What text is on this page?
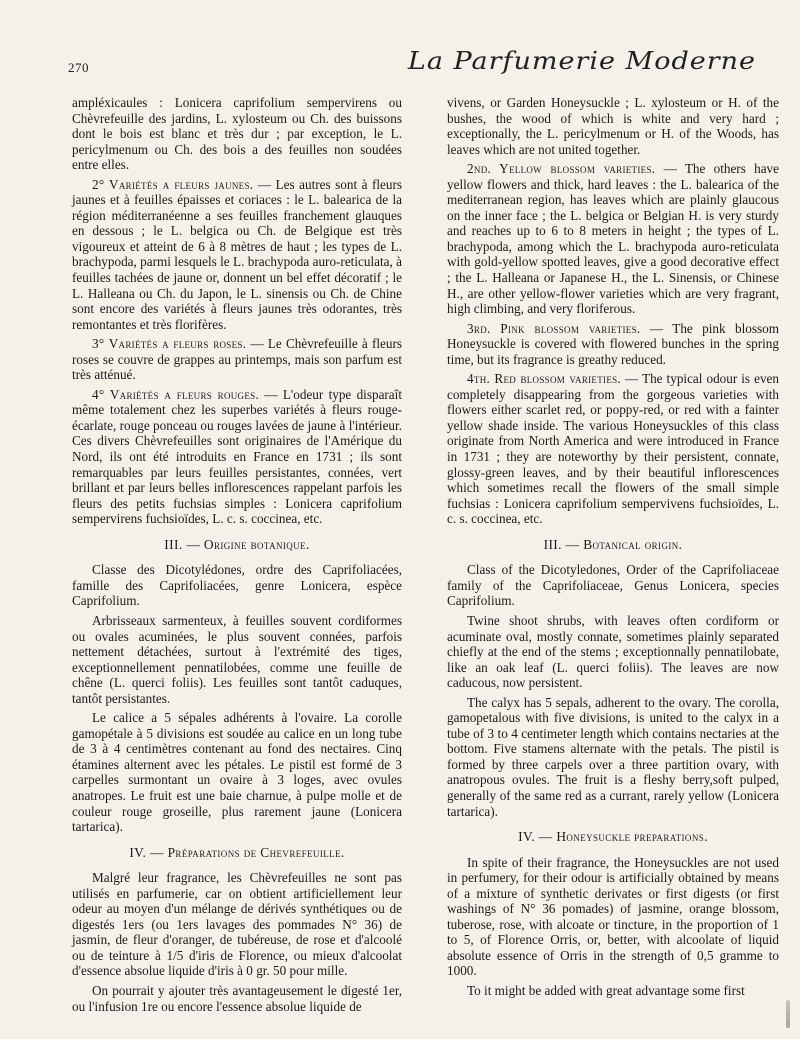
270	La Parfumerie Moderne

ampléxicaules : Lonicera caprifolium sempervirens ou Chèvrefeuille des jardins, L. xylosteum ou Ch. des buissons dont le bois est blanc et très dur ; par exception, le L. pericylmenum ou Ch. des bois a des feuilles non soudées entre elles.

2° Variétés a fleurs jaunes. — Les autres sont à fleurs jaunes et à feuilles épaisses et coriaces : le L. balearica de la région méditerranéenne a ses feuilles franchement glauques en dessous ; le L. belgica ou Ch. de Belgique est très vigoureux et atteint de 6 à 8 mètres de haut ; les types de L. brachypoda, parmi lesquels le L. brachypoda auro-reticulata, à feuilles tachées de jaune or, donnent un bel effet décoratif ; le L. Halleana ou Ch. du Japon, le L. sinensis ou Ch. de Chine sont encore des variétés à fleurs jaunes très odorantes, très remontantes et très florifères.

3° Variétés a fleurs roses. — Le Chèvrefeuille à fleurs roses se couvre de grappes au printemps, mais son parfum est très atténué.

4° Variétés a fleurs rouges. — L'odeur type disparaît même totalement chez les superbes variétés à fleurs rouge-écarlate, rouge ponceau ou rouges lavées de jaune à l'intérieur. Ces divers Chèvrefeuilles sont originaires de l'Amérique du Nord, ils ont été introduits en France en 1731 ; ils sont remarquables par leurs feuilles persistantes, connées, vert brillant et par leurs belles inflorescences rappelant parfois les fleurs des petits fuchsias simples : Lonicera caprifolium sempervirens fuchsioïdes, L. c. s. coccinea, etc.

III. — Origine botanique.

Classe des Dicotylédones, ordre des Caprifoliacées, famille des Caprifoliacées, genre Lonicera, espèce Caprifolium.

Arbrisseaux sarmenteux, à feuilles souvent cordiformes ou ovales acuminées, le plus souvent connées, parfois nettement détachées, surtout à l'extrémité des tiges, exceptionnellement pennatilobées, comme une feuille de chêne (L. querci foliis). Les feuilles sont tantôt caduques, tantôt persistantes.

Le calice a 5 sépales adhérents à l'ovaire. La corolle gamopétale à 5 divisions est soudée au calice en un long tube de 3 à 4 centimètres contenant au fond des nectaires. Cinq étamines alternent avec les pétales. Le pistil est formé de 3 carpelles surmontant un ovaire à 3 loges, avec ovules anatropes. Le fruit est une baie charnue, à pulpe molle et de couleur rouge groseille, plus rarement jaune (Lonicera tartarica).

IV. — Préparations de Chevrefeuille.

Malgré leur fragrance, les Chèvrefeuilles ne sont pas utilisés en parfumerie, car on obtient artificiellement leur odeur au moyen d'un mélange de dérivés synthétiques ou de digestés 1ers (ou 1ers lavages des pommades N° 36) de jasmin, de fleur d'oranger, de tubéreuse, de rose et d'alcoolé ou de teinture à 1/5 d'iris de Florence, ou mieux d'alcoolat d'essence absolue liquide d'iris à 0 gr. 50 pour mille.

On pourrait y ajouter très avantageusement le digesté 1er, ou l'infusion 1re ou encore l'essence absolue liquide de

vivens, or Garden Honeysuckle ; L. xylosteum or H. of the bushes, the wood of which is white and very hard ; exceptionally, the L. pericylmenum or H. of the Woods, has leaves which are not united together.

2nd. Yellow blossom varieties. — The others have yellow flowers and thick, hard leaves : the L. balearica of the mediterranean region, has leaves which are plainly glaucous on the inner face ; the L. belgica or Belgian H. is very sturdy and reaches up to 6 to 8 meters in height ; the types of L. brachypoda, among which the L. brachypoda auro-reticulata with gold-yellow spotted leaves, give a good decorative effect ; the L. Halleana or Japanese H., the L. Sinensis, or Chinese H., are other yellow-flower varieties which are very fragrant, high climbing, and very floriferous.

3rd. Pink blossom varieties. — The pink blossom Honeysuckle is covered with flowered bunches in the spring time, but its fragrance is greathy reduced.

4th. Red blossom varieties. — The typical odour is even completely disappearing from the gorgeous varieties with flowers either scarlet red, or poppy-red, or red with a fainter yellow shade inside. The various Honeysuckles of this class originate from North America and were introduced in France in 1731 ; they are noteworthy by their persistent, connate, glossy-green leaves, and by their beautiful inflorescences which sometimes recall the flowers of the small simple fuchsias : Lonicera caprifolium sempervivens fuchsioïdes, L. c. s. coccinea, etc.

III. — Botanical origin.

Class of the Dicotyledones, Order of the Caprifoliaceae family of the Caprifoliaceae, Genus Lonicera, species Caprifolium.

Twine shoot shrubs, with leaves often cordiform or acuminate oval, mostly connate, sometimes plainly separated chiefly at the end of the stems ; exceptionnally pennatilobate, like an oak leaf (L. querci foliis). The leaves are now caducous, now persistent.

The calyx has 5 sepals, adherent to the ovary. The corolla, gamopetalous with five divisions, is united to the calyx in a tube of 3 to 4 centimeter length which contains nectaries at the bottom. Five stamens alternate with the petals. The pistil is formed by three carpels over a three partition ovary, with anatropous ovules. The fruit is a fleshy berry,soft pulped, generally of the same red as a currant, rarely yellow (Lonicera tartarica).

IV. — Honeysuckle preparations.

In spite of their fragrance, the Honeysuckles are not used in perfumery, for their odour is artificially obtained by means of a mixture of synthetic derivates or first digests (or first washings of N° 36 pomades) of jasmine, orange blossom, tuberose, rose, with alcoate or tincture, in the proportion of 1 to 5, of Florence Orris, or, better, with alcoolate of liquid absolute essence of Orris in the strength of 0,5 gramme to 1000.

To it might be added with great advantage some first
